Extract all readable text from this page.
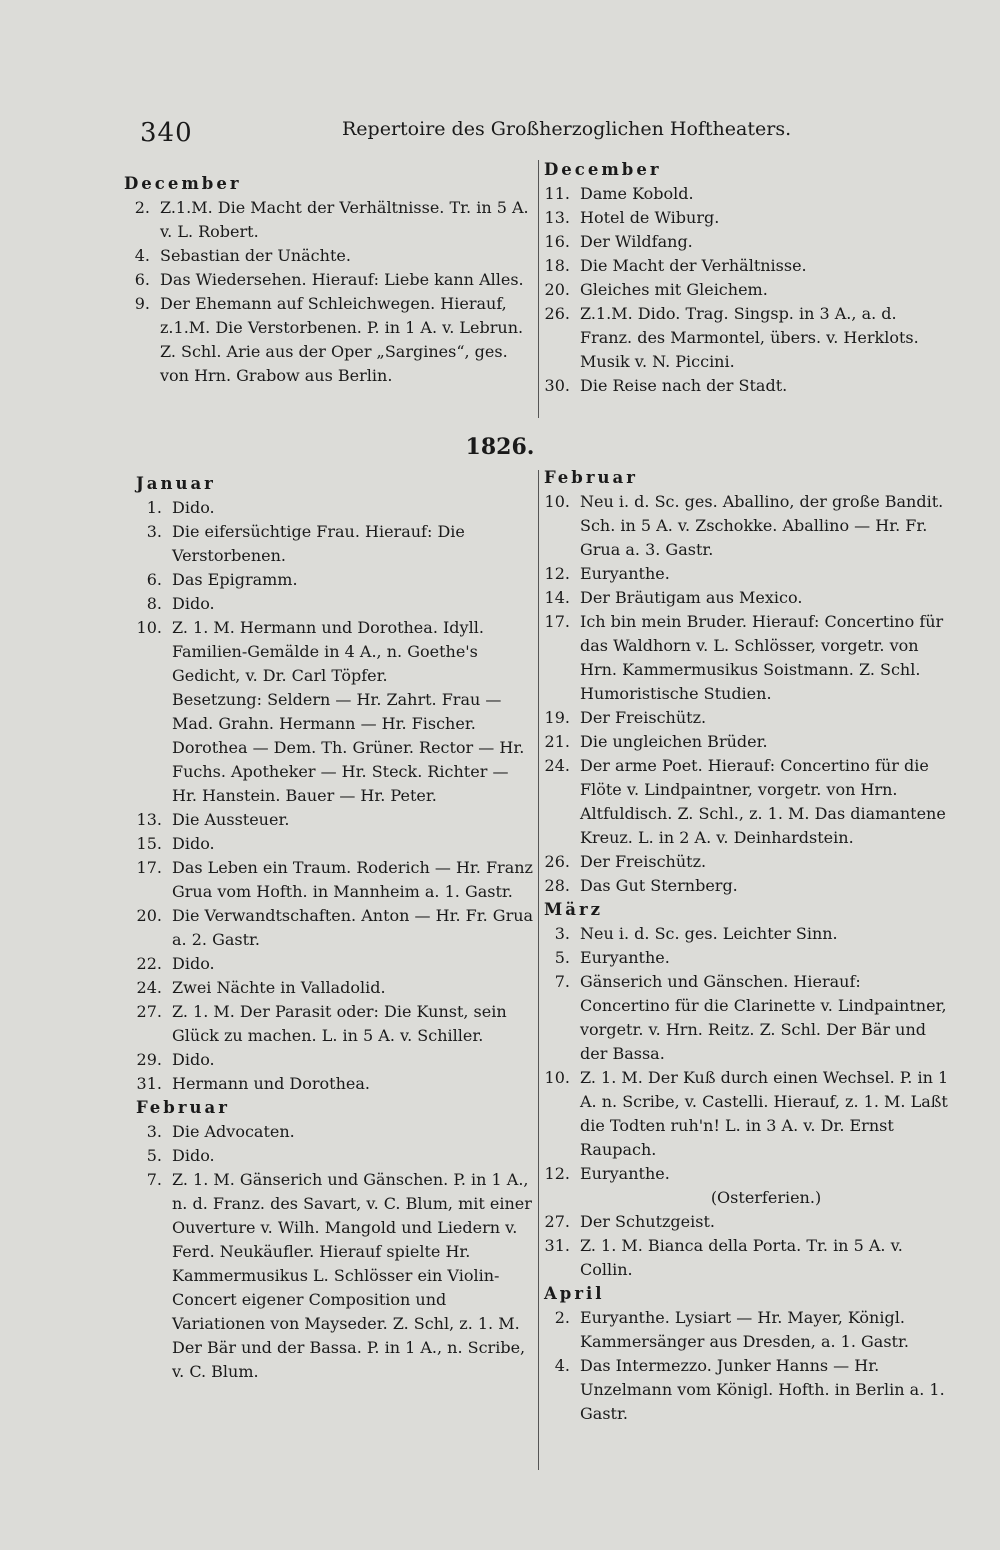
340	Repertoire des Großherzoglichen Hoftheaters.
December
2. Z.1.M. Die Macht der Verhältnisse. Tr. in 5 A. v. L. Robert.
4. Sebastian der Unächte.
6. Das Wiedersehen. Hierauf: Liebe kann Alles.
9. Der Ehemann auf Schleichwegen. Hierauf, z.1.M. Die Verstorbenen. P. in 1 A. v. Lebrun. Z. Schl. Arie aus der Oper „Sargines“, ges. von Hrn. Grabow aus Berlin.
December
11. Dame Kobold.
13. Hotel de Wiburg.
16. Der Wildfang.
18. Die Macht der Verhältnisse.
20. Gleiches mit Gleichem.
26. Z.1.M. Dido. Trag. Singsp. in 3 A., a. d. Franz. des Marmontel, übers. v. Herklots. Musik v. N. Piccini.
30. Die Reise nach der Stadt.
1826.
Januar
1. Dido.
3. Die eifersüchtige Frau. Hierauf: Die Verstorbenen.
6. Das Epigramm.
8. Dido.
10. Z. 1. M. Hermann und Dorothea. Idyll. Familien-Gemälde in 4 A., n. Goethe's Gedicht, v. Dr. Carl Töpfer.
Besetzung: Seldern — Hr. Zahrt. Frau — Mad. Grahn. Hermann — Hr. Fischer. Dorothea — Dem. Th. Grüner. Rector — Hr. Fuchs. Apotheker — Hr. Steck. Richter — Hr. Hanstein. Bauer — Hr. Peter.
13. Die Aussteuer.
15. Dido.
17. Das Leben ein Traum. Roderich — Hr. Franz Grua vom Hofth. in Mannheim a. 1. Gastr.
20. Die Verwandtschaften. Anton — Hr. Fr. Grua a. 2. Gastr.
22. Dido.
24. Zwei Nächte in Valladolid.
27. Z. 1. M. Der Parasit oder: Die Kunst, sein Glück zu machen. L. in 5 A. v. Schiller.
29. Dido.
31. Hermann und Dorothea.
Februar
3. Die Advocaten.
5. Dido.
7. Z. 1. M. Gänserich und Gänschen. P. in 1 A., n. d. Franz. des Savart, v. C. Blum, mit einer Ouverture v. Wilh. Mangold und Liedern v. Ferd. Neukäufler. Hierauf spielte Hr. Kammermusikus L. Schlösser ein Violin-Concert eigener Composition und Variationen von Mayseder. Z. Schl, z. 1. M. Der Bär und der Bassa. P. in 1 A., n. Scribe, v. C. Blum.
Februar
10. Neu i. d. Sc. ges. Aballino, der große Bandit. Sch. in 5 A. v. Zschokke. Aballino — Hr. Fr. Grua a. 3. Gastr.
12. Euryanthe.
14. Der Bräutigam aus Mexico.
17. Ich bin mein Bruder. Hierauf: Concertino für das Waldhorn v. L. Schlösser, vorgetr. von Hrn. Kammermusikus Soistmann. Z. Schl. Humoristische Studien.
19. Der Freischütz.
21. Die ungleichen Brüder.
24. Der arme Poet. Hierauf: Concertino für die Flöte v. Lindpaintner, vorgetr. von Hrn. Altfuldisch. Z. Schl., z. 1. M. Das diamantene Kreuz. L. in 2 A. v. Deinhardstein.
26. Der Freischütz.
28. Das Gut Sternberg.
März
3. Neu i. d. Sc. ges. Leichter Sinn.
5. Euryanthe.
7. Gänserich und Gänschen. Hierauf: Concertino für die Clarinette v. Lindpaintner, vorgetr. v. Hrn. Reitz. Z. Schl. Der Bär und der Bassa.
10. Z. 1. M. Der Kuß durch einen Wechsel. P. in 1 A. n. Scribe, v. Castelli. Hierauf, z. 1. M. Laßt die Todten ruh'n! L. in 3 A. v. Dr. Ernst Raupach.
12. Euryanthe.
(Osterferien.)
27. Der Schutzgeist.
31. Z. 1. M. Bianca della Porta. Tr. in 5 A. v. Collin.
April
2. Euryanthe. Lysiart — Hr. Mayer, Königl. Kammersänger aus Dresden, a. 1. Gastr.
4. Das Intermezzo. Junker Hanns — Hr. Unzelmann vom Königl. Hofth. in Berlin a. 1. Gastr.
